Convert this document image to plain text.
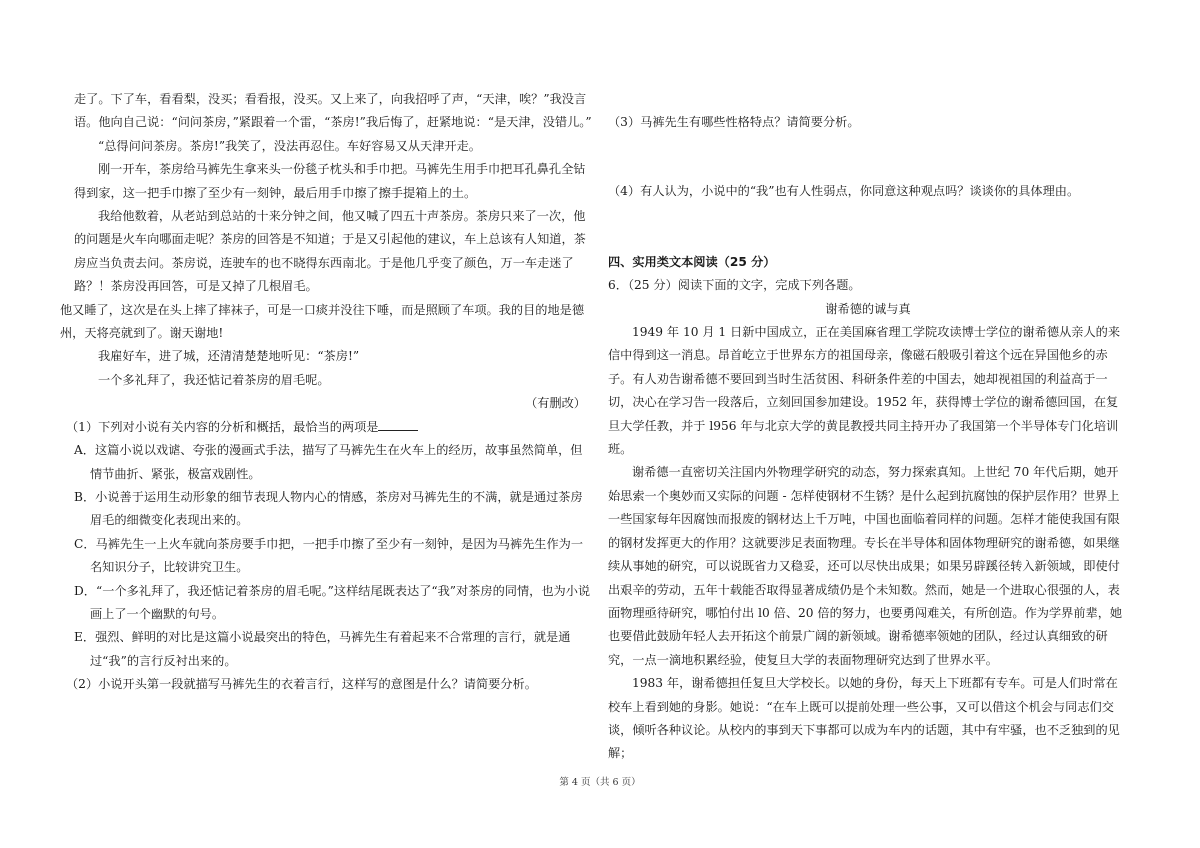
走了。下了车，看看梨，没买；看看报，没买。又上来了，向我招呼了声，“天津，唉？”我没言语。他向自己说：“问问茶房，”紧跟着一个雷，“茶房!”我后悔了，赶紧地说：“是天津，没错儿。”

“总得问问茶房。茶房!”我笑了，没法再忍住。车好容易又从天津开走。

刚一开车，茶房给马裤先生拿来头一份毯子枕头和手巾把。马裤先生用手巾把耳孔鼻孔全钻得到家，这一把手巾擦了至少有一刻钟，最后用手巾擦了擦手提箱上的土。

我给他数着，从老站到总站的十来分钟之间，他又喊了四五十声茶房。茶房只来了一次，他的问题是火车向哪面走呢？茶房的回答是不知道；于是又引起他的建议，车上总该有人知道，茶房应当负责去问。茶房说，连驶车的也不晓得东西南北。于是他几乎变了颜色，万一车走迷了路？！茶房没再回答，可是又掉了几根眉毛。

他又睡了，这次是在头上摔了摔袜子，可是一口痰并没往下唾，而是照顾了车项。我的目的地是德州，天将亮就到了。谢天谢地!

我雇好车，进了城，还清清楚楚地听见：“茶房!”

一个多礼拜了，我还惦记着茶房的眉毛呢。

（有删改）

（1）下列对小说有关内容的分析和概括，最恰当的两项是

A．这篇小说以戏谑、夸张的漫画式手法，描写了马裤先生在火车上的经历，故事虽然简单，但情节曲折、紧张，极富戏剧性。

B．小说善于运用生动形象的细节表现人物内心的情感，茶房对马裤先生的不满，就是通过茶房眉毛的细微变化表现出来的。

C．马裤先生一上火车就向茶房要手巾把，一把手巾擦了至少有一刻钟，是因为马裤先生作为一名知识分子，比较讲究卫生。

D．“一个多礼拜了，我还惦记着茶房的眉毛呢。”这样结尾既表达了“我”对茶房的同情，也为小说画上了一个幽默的句号。

E．强烈、鲜明的对比是这篇小说最突出的特色，马裤先生有着起来不合常理的言行，就是通过“我”的言行反衬出来的。

（2）小说开头第一段就描写马裤先生的衣着言行，这样写的意图是什么？请简要分析。

（3）马裤先生有哪些性格特点？请简要分析。

（4）有人认为，小说中的“我”也有人性弱点，你同意这种观点吗？谈谈你的具体理由。

四、实用类文本阅读（25 分）

6．（25 分）阅读下面的文字，完成下列各题。

谢希德的诚与真

1949 年 10 月 1 日新中国成立，正在美国麻省理工学院攻读博士学位的谢希德从亲人的来信中得到这一消息。昂首屹立于世界东方的祖国母亲，像磁石般吸引着这个远在异国他乡的赤子。有人劝告谢希德不要回到当时生活贫困、科研条件差的中国去，她却视祖国的利益高于一切，决心在学习告一段落后，立刻回国参加建设。1952 年，获得博士学位的谢希德回国，在复旦大学任教，并于 l956 年与北京大学的黄昆教授共同主持开办了我国第一个半导体专门化培训班。

谢希德一直密切关注国内外物理学研究的动态，努力探索真知。上世纪 70 年代后期，她开始思索一个奥妙而又实际的问题 - 怎样使钢材不生锈？是什么起到抗腐蚀的保护层作用？世界上一些国家每年因腐蚀而报废的钢材达上千万吨，中国也面临着同样的问题。怎样才能使我国有限的钢材发挥更大的作用？这就要涉足表面物理。专长在半导体和固体物理研究的谢希德，如果继续从事她的研究，可以说既省力又稳妥，还可以尽快出成果；如果另辟蹊径转入新领域，即使付出艰辛的劳动，五年十载能否取得显著成绩仍是个未知数。然而，她是一个进取心很强的人，表面物理亟待研究，哪怕付出 l0 倍、20 倍的努力，也要勇闯难关，有所创造。作为学界前辈，她也要借此鼓励年轻人去开拓这个前景广阔的新领域。谢希德率领她的团队，经过认真细致的研究，一点一滴地积累经验，使复旦大学的表面物理研究达到了世界水平。

1983 年，谢希德担任复旦大学校长。以她的身份，每天上下班都有专车。可是人们时常在校车上看到她的身影。她说：“在车上既可以提前处理一些公事，又可以借这个机会与同志们交谈，倾听各种议论。从校内的事到天下事都可以成为车内的话题，其中有牢骚，也不乏独到的见解；

第 4 页（共 6 页）
